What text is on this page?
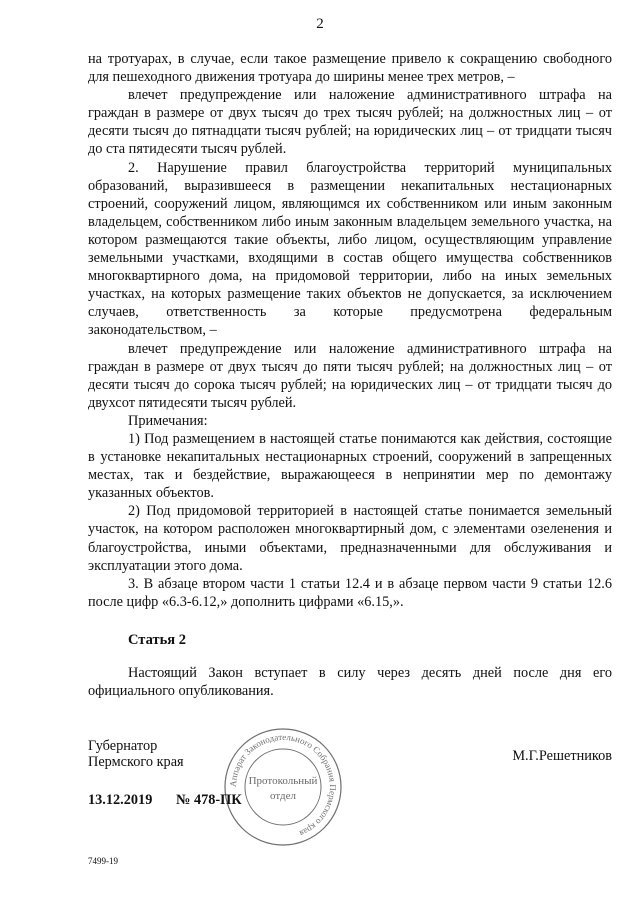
2

на тротуарах, в случае, если такое размещение привело к сокращению свободного для пешеходного движения тротуара до ширины менее трех метров, –

влечет предупреждение или наложение административного штрафа на граждан в размере от двух тысяч до трех тысяч рублей; на должностных лиц – от десяти тысяч до пятнадцати тысяч рублей; на юридических лиц – от тридцати тысяч до ста пятидесяти тысяч рублей.

2. Нарушение правил благоустройства территорий муниципальных образований, выразившееся в размещении некапитальных нестационарных строений, сооружений лицом, являющимся их собственником или иным законным владельцем, собственником либо иным законным владельцем земельного участка, на котором размещаются такие объекты, либо лицом, осуществляющим управление земельными участками, входящими в состав общего имущества собственников многоквартирного дома, на придомовой территории, либо на иных земельных участках, на которых размещение таких объектов не допускается, за исключением случаев, ответственность за которые предусмотрена федеральным законодательством, –

влечет предупреждение или наложение административного штрафа на граждан в размере от двух тысяч до пяти тысяч рублей; на должностных лиц – от десяти тысяч до сорока тысяч рублей; на юридических лиц – от тридцати тысяч до двухсот пятидесяти тысяч рублей.

Примечания:

1) Под размещением в настоящей статье понимаются как действия, состоящие в установке некапитальных нестационарных строений, сооружений в запрещенных местах, так и бездействие, выражающееся в непринятии мер по демонтажу указанных объектов.

2) Под придомовой территорией в настоящей статье понимается земельный участок, на котором расположен многоквартирный дом, с элементами озеленения и благоустройства, иными объектами, предназначенными для обслуживания и эксплуатации этого дома.

3. В абзаце втором части 1 статьи 12.4 и в абзаце первом части 9 статьи 12.6 после цифр «6.3-6.12,» дополнить цифрами «6.15,».

Статья 2

Настоящий Закон вступает в силу через десять дней после дня его официального опубликования.

Губернатор
Пермского края	М.Г.Решетников
Аппарат Законодательного Собрания Пермского края
Протокольный
отдел
13.12.2019 № 478-ПК
7499-19
